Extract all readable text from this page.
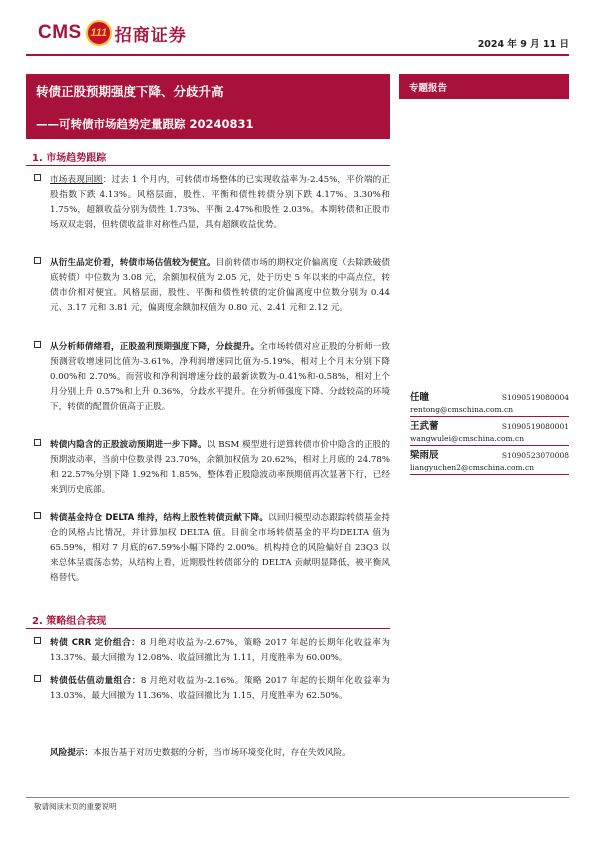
CMS 111 招商证券	2024 年 9 月 11 日
转债正股预期强度下降、分歧升高
——可转债市场趋势定量跟踪 20240831
专题报告
1. 市场趋势跟踪
市场表现回顾：过去 1 个月内，可转债市场整体的已实现收益率为-2.45%，平价端的正股指数下跌 4.13%。风格层面，股性、平衡和债性转债分别下跌 4.17%、3.30%和 1.75%，超额收益分别为债性 1.73%、平衡 2.47%和股性 2.03%。本期转债和正股市场双双走弱，但转债收益非对称性凸显，具有超额收益优势。
从衍生品定价看，转债市场估值较为便宜。目前转债市场的期权定价偏离度（去除跌破债底转债）中位数为 3.08 元，余额加权值为 2.05 元，处于历史 5 年以来的中高点位，转债市价相对便宜。风格层面，股性、平衡和债性转债的定价偏离度中位数分别为 0.44 元、3.17 元和 3.81 元，偏离度余额加权值为 0.80 元、2.41 元和 2.12 元。
从分析师倩绪看，正股盈利预期强度下降，分歧提升。全市场转债对应正股的分析师一致预测营收增速同比值为-3.61%，净利润增速同比值为-5.19%，相对上个月末分别下降 0.00%和 2.70%。而营收和净利润增速分歧的最新读数为-0.41%和-0.58%，相对上个月分别上升 0.57%和上升 0.36%，分歧水平提升。在分析师强度下降、分歧较高的环境下，转债的配置价值高于正股。
转债内隐含的正股波动预期进一步下降。以 BSM 模型进行逆算转债市价中隐含的正股的预期波动率，当前中位数录得 23.70%，余额加权值为 20.62%，相对上月底的 24.78%和 22.57%分别下降 1.92%和 1.85%，整体看正股隐波动率预期值再次显著下行，已经来到历史底部。
转债基金持仓 DELTA 维持，结构上股性转债贡献下降。以回归模型动态跟踪转债基金持仓的风格占比情况，并计算加权 DELTA 值。目前全市场转债基金的平均DELTA 值为 65.59%，相对 7 月底的67.59%小幅下降约 2.00%。机构持仓的风险偏好自 23Q3 以来总体呈震荡态势，从结构上看，近期股性转债部分的 DELTA 贡献明显降低，被平衡风格替代。
2. 策略组合表现
转债 CRR 定价组合：8 月绝对收益为-2.67%，策略 2017 年起的长期年化收益率为 13.37%、最大回撤为 12.08%、收益回撤比为 1.11，月度胜率为 60.00%。
转债低估值动量组合：8 月绝对收益为-2.16%。策略 2017 年起的长期年化收益率为 13.03%、最大回撤为 11.36%、收益回撤比为 1.15，月度胜率为 62.50%。
风险提示：本报告基于对历史数据的分析，当市场环境变化时，存在失效风险。
任瞳	S1090519080004
rentong@cmschina.com.cn
王武蕾	S1090519080001
wangwulei@cmschina.com.cn
梁雨辰	S1090523070008
liangyuchen2@cmschina.com.cn
敬请阅读末页的重要说明
